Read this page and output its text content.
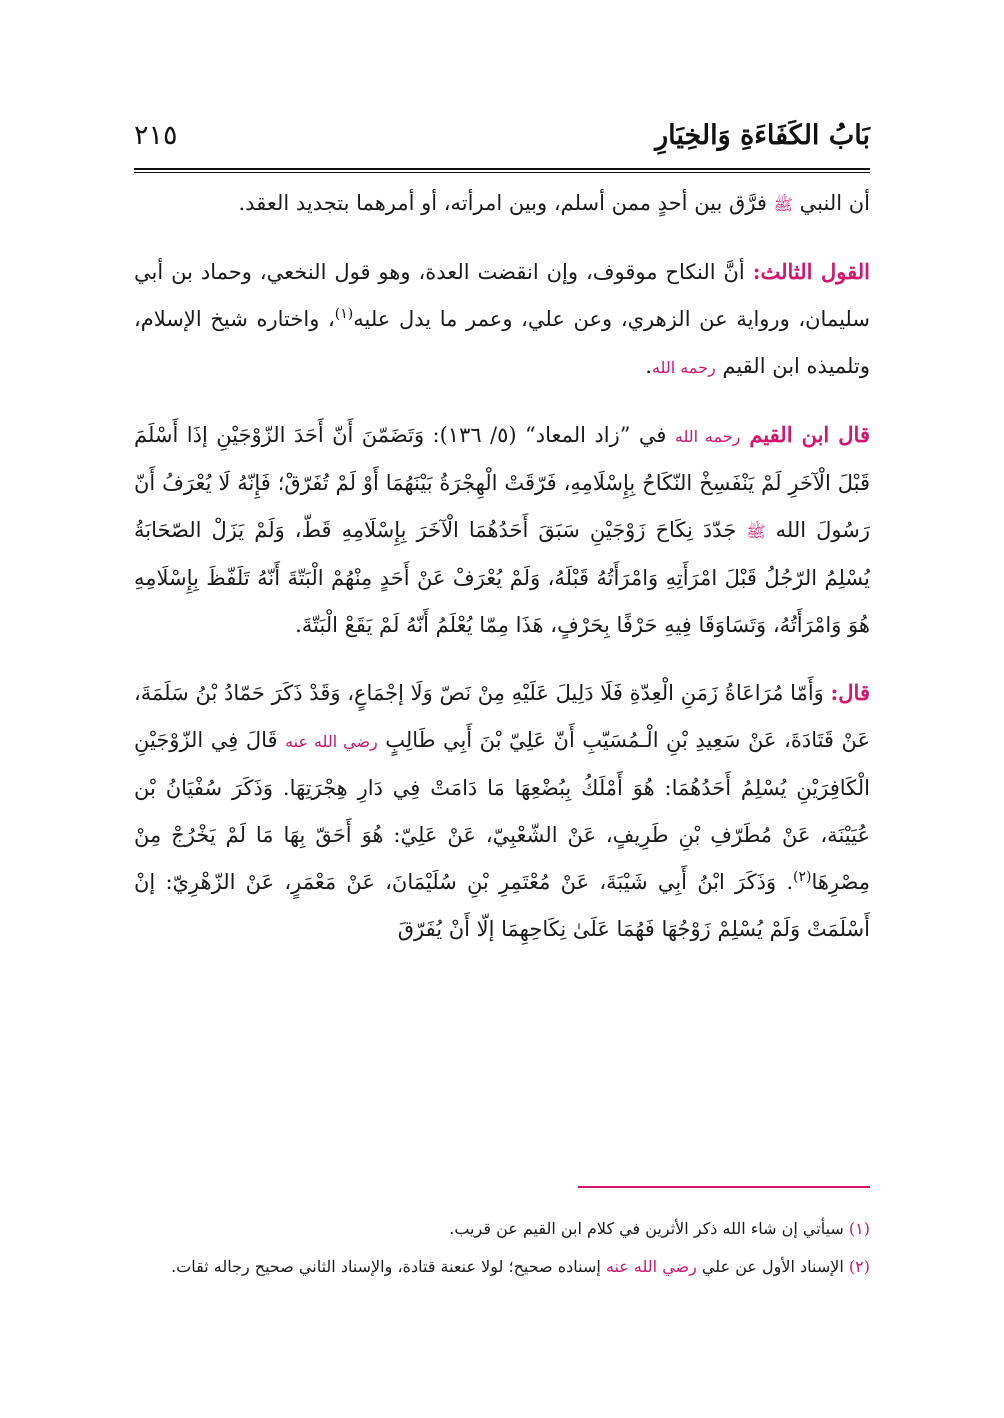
بَابُ الكَفَاءَةِ وَالخِيَارِ
٢١٥

أن النبي ﷺ فرَّق بين أحدٍ ممن أسلم، وبين امرأته، أو أمرهما بتجديد العقد.

القول الثالث: أنَّ النكاح موقوف، وإن انقضت العدة، وهو قول النخعي، وحماد بن أبي سليمان، ورواية عن الزهري، وعن علي، وعمر ما يدل عليه$^{(١)}$، واختاره شيخ الإسلام، وتلميذه ابن القيم رحمه الله.

قال ابن القيم رحمه الله في ”زاد المعاد“ (٥/ ١٣٦): وَتَضَمّنَ أَنّ أَحَدَ الزّوْجَيْنِ إذَا أَسْلَمَ قَبْلَ الْآخَرِ لَمْ يَنْفَسِخْ النّكَاحُ بِإِسْلَامِهِ، فَرّقَتْ الْهِجْرَةُ بَيْنَهُمَا أَوْ لَمْ تُفَرّقْ؛ فَإِنّهُ لَا يُعْرَفُ أَنّ رَسُولَ الله ﷺ جَدّدَ نِكَاحَ زَوْجَيْنِ سَبَقَ أَحَدُهُمَا الْآخَرَ بِإِسْلَامِهِ قَطّ، وَلَمْ يَزَلْ الصّحَابَةُ يُسْلِمُ الرّجُلُ قَبْلَ امْرَأَتِهِ وَامْرَأَتُهُ قَبْلَهُ، وَلَمْ يُعْرَفْ عَنْ أَحَدٍ مِنْهُمْ الْبَتّةَ أَنّهُ تَلَفّظَ بِإِسْلَامِهِ هُوَ وَامْرَأَتُهُ، وَتَسَاوَقَا فِيهِ حَرْفًا بِحَرْفٍ، هَذَا مِمّا يُعْلَمُ أَنّهُ لَمْ يَقَعْ الْبَتّةَ.

قال: وَأَمّا مُرَاعَاةُ زَمَنِ الْعِدّةِ فَلَا دَلِيلَ عَلَيْهِ مِنْ نَصّ وَلَا إجْمَاعٍ، وَقَدْ ذَكَرَ حَمّادُ بْنُ سَلَمَةَ، عَنْ قَتَادَةَ، عَنْ سَعِيدِ بْنِ الْـمُسَيّبِ أَنّ عَلِيّ بْنَ أَبِي طَالِبٍ رضي الله عنه قَالَ فِي الزّوْجَيْنِ الْكَافِرَيْنِ يُسْلِمُ أَحَدُهُمَا: هُوَ أَمْلَكُ بِبُضْعِهَا مَا دَامَتْ فِي دَارِ هِجْرَتِهَا. وَذَكَرَ سُفْيَانُ بْن عُيَيْنَة، عَنْ مُطَرّفِ بْنِ طَرِيفٍ، عَنْ الشّعْبِيّ، عَنْ عَلِيّ: هُوَ أَحَقّ بِهَا مَا لَمْ يَخْرُجْ مِنْ مِصْرِهَا$^{(٢)}$. وَذَكَرَ ابْنُ أَبِي شَيْبَةَ، عَنْ مُعْتَمِرِ بْنِ سُلَيْمَانَ، عَنْ مَعْمَرٍ، عَنْ الزّهْرِيّ: إنْ أَسْلَمَتْ وَلَمْ يُسْلِمْ زَوْجُهَا فَهُمَا عَلَىٰ نِكَاحِهِمَا إلّا أَنْ يُفَرّقَ

(١) سيأتي إن شاء الله ذكر الأثرين في كلام ابن القيم عن قريب.
(٢) الإسناد الأول عن علي رضي الله عنه إسناده صحيح؛ لولا عنعنة قتادة، والإسناد الثاني صحيح رجاله ثقات.
